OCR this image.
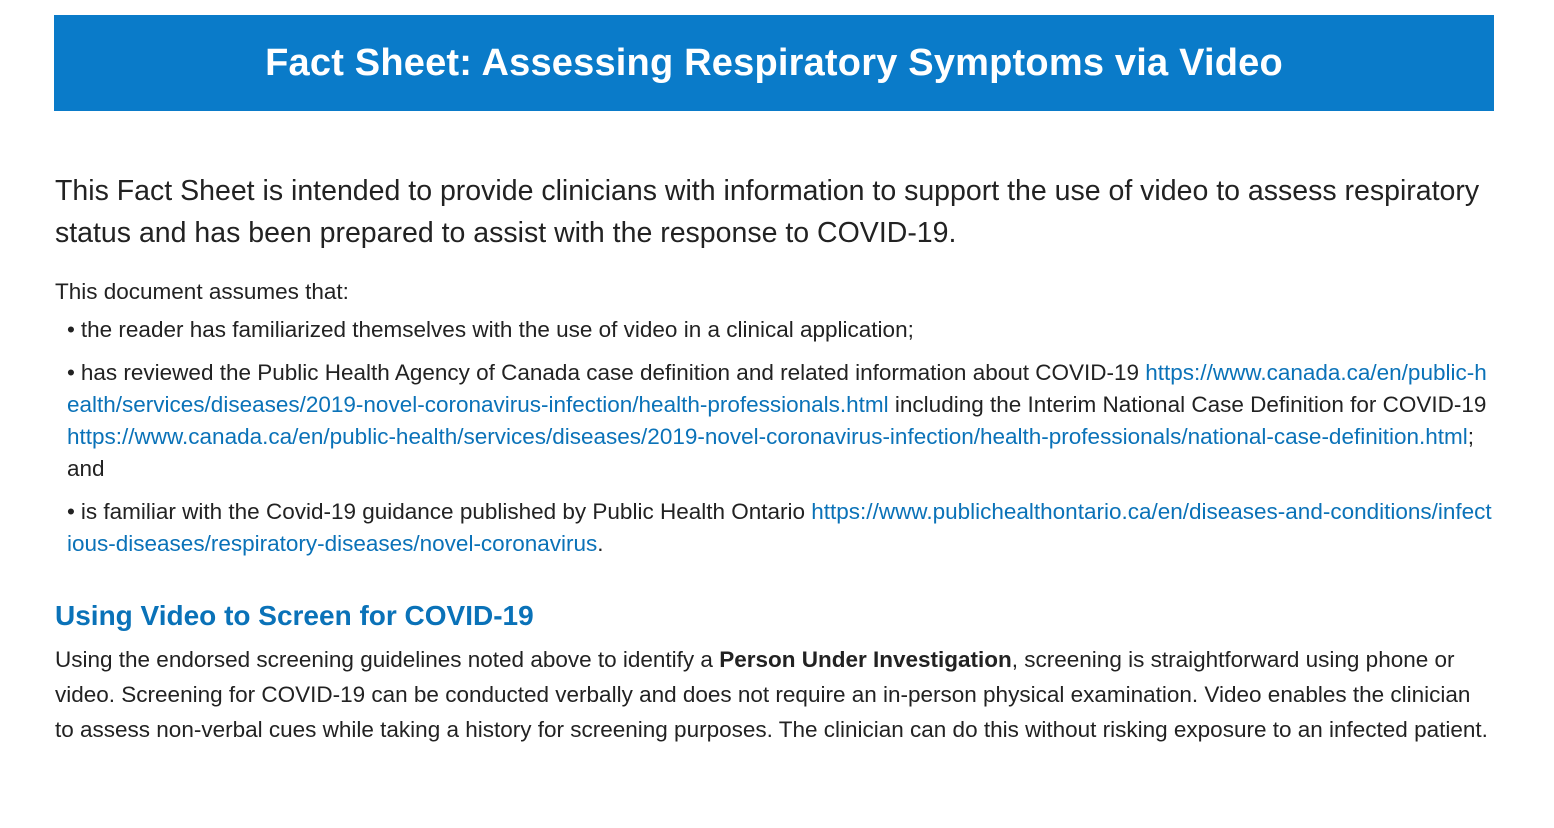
Fact Sheet: Assessing Respiratory Symptoms via Video

This Fact Sheet is intended to provide clinicians with information to support the use of video to assess respiratory status and has been prepared to assist with the response to COVID-19.

This document assumes that:

• the reader has familiarized themselves with the use of video in a clinical application;
• has reviewed the Public Health Agency of Canada case definition and related information about COVID-19 https://www.canada.ca/en/public-health/services/diseases/2019-novel-coronavirus-infection/health-professionals.html including the Interim National Case Definition for COVID-19 https://www.canada.ca/en/public-health/services/diseases/2019-novel-coronavirus-infection/health-professionals/national-case-definition.html; and
• is familiar with the Covid-19 guidance published by Public Health Ontario https://www.publichealthontario.ca/en/diseases-and-conditions/infectious-diseases/respiratory-diseases/novel-coronavirus.
Using Video to Screen for COVID-19

Using the endorsed screening guidelines noted above to identify a Person Under Investigation, screening is straightforward using phone or video. Screening for COVID-19 can be conducted verbally and does not require an in-person physical examination. Video enables the clinician to assess non-verbal cues while taking a history for screening purposes. The clinician can do this without risking exposure to an infected patient.
